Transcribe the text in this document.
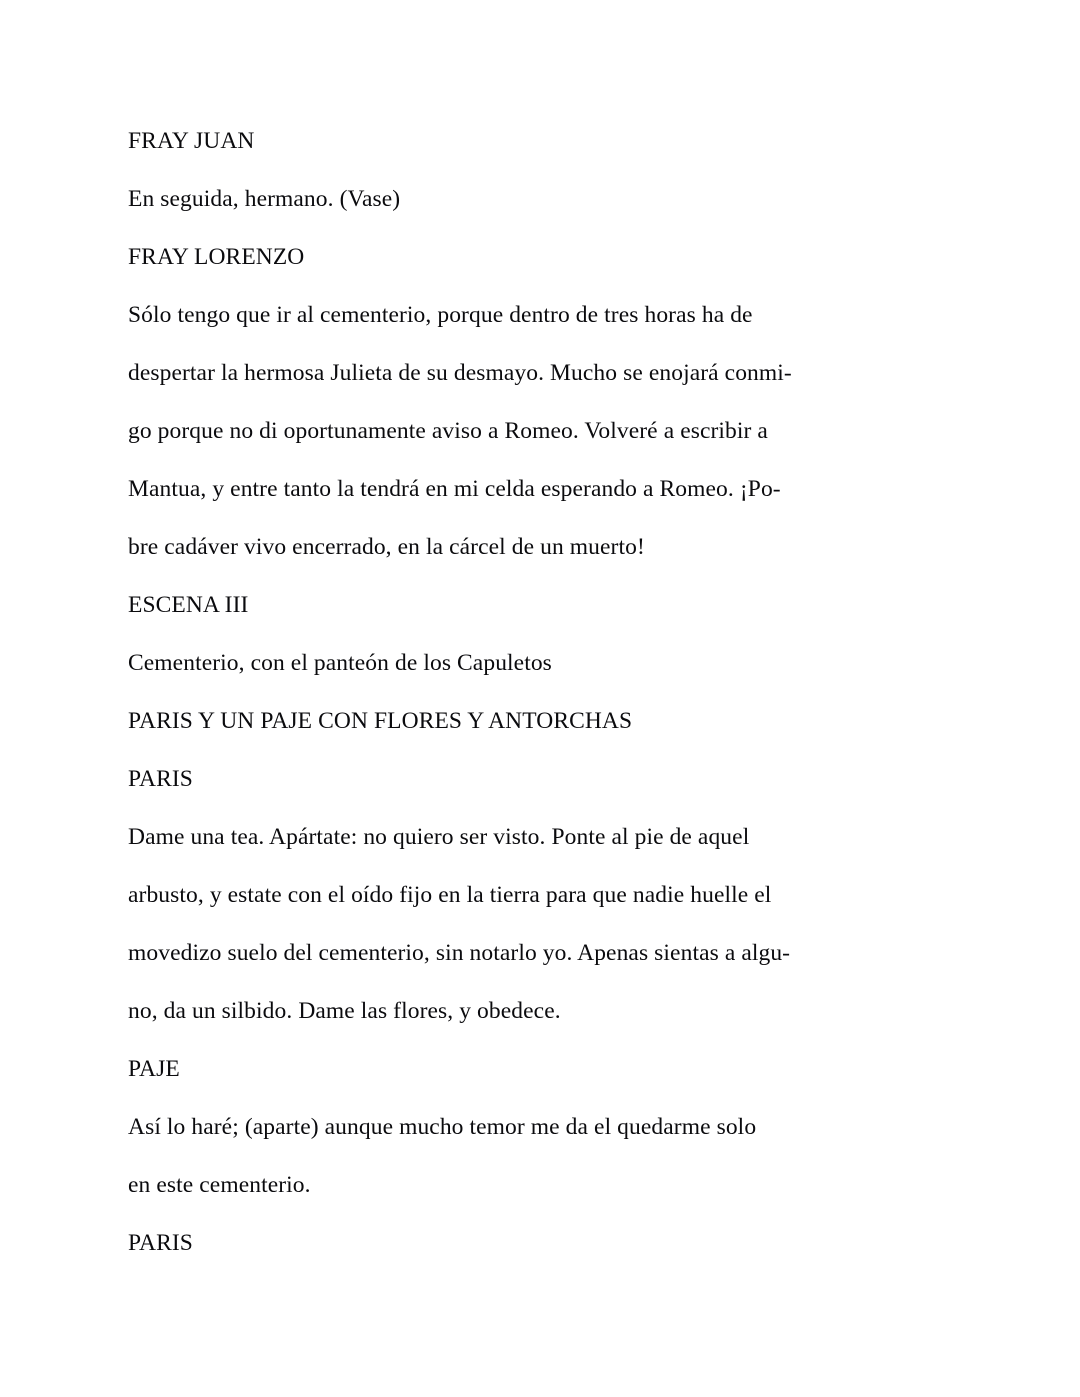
FRAY JUAN
En seguida, hermano. (Vase)
FRAY LORENZO
Sólo tengo que ir al cementerio, porque dentro de tres horas ha de
despertar la hermosa Julieta de su desmayo. Mucho se enojará conmi-
go porque no di oportunamente aviso a Romeo. Volveré a escribir a
Mantua, y entre tanto la tendrá en mi celda esperando a Romeo. ¡Po-
bre cadáver vivo encerrado, en la cárcel de un muerto!
ESCENA III
Cementerio, con el panteón de los Capuletos
PARIS Y UN PAJE CON FLORES Y ANTORCHAS
PARIS
Dame una tea. Apártate: no quiero ser visto. Ponte al pie de aquel
arbusto, y estate con el oído fijo en la tierra para que nadie huelle el
movedizo suelo del cementerio, sin notarlo yo. Apenas sientas a algu-
no, da un silbido. Dame las flores, y obedece.
PAJE
Así lo haré; (aparte) aunque mucho temor me da el quedarme solo
en este cementerio.
PARIS
